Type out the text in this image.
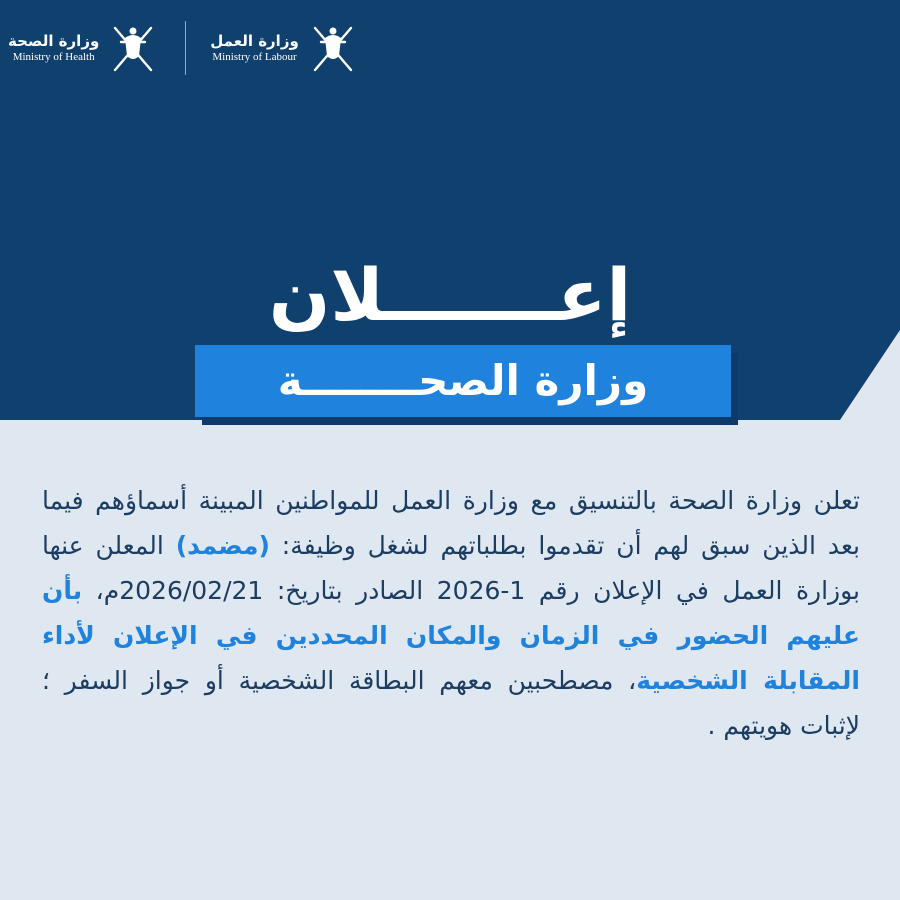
وزارة الصحة
Ministry of Health
وزارة العمل
Ministry of Labour
إعـــــــلان
وزارة الصحــــــــة
تعلن وزارة الصحة بالتنسيق مع وزارة العمل للمواطنين المبينة أسماؤهم فيما بعد الذين سبق لهم أن تقدموا بطلباتهم لشغل وظيفة: (مضمد) المعلن عنها بوزارة العمل في الإعلان رقم 1-2026 الصادر بتاريخ: 2026/02/21م، بأن عليهم الحضور في الزمان والمكان المحددين في الإعلان لأداء المقابلة الشخصية، مصطحبين معهم البطاقة الشخصية أو جواز السفر ؛ لإثبات هويتهم .
